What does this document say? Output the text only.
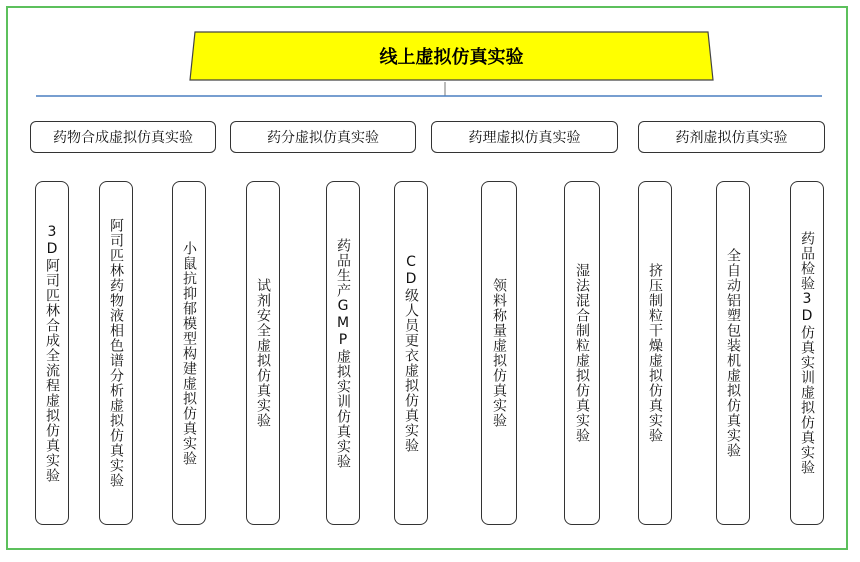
线上虚拟仿真实验
药物合成虚拟仿真实验	药分虚拟仿真实验	药理虚拟仿真实验	药剂虚拟仿真实验
3D阿司匹林合成全流程虚拟仿真实验	阿司匹林药物液相色谱分析虚拟仿真实验	小鼠抗抑郁模型构建虚拟仿真实验	试剂安全虚拟仿真实验	药品生产GMP虚拟实训仿真实验	CD级人员更衣虚拟仿真实验	领料称量虚拟仿真实验	湿法混合制粒虚拟仿真实验	挤压制粒干燥虚拟仿真实验	全自动铝塑包装机虚拟仿真实验	药品检验3D仿真实训虚拟仿真实验
